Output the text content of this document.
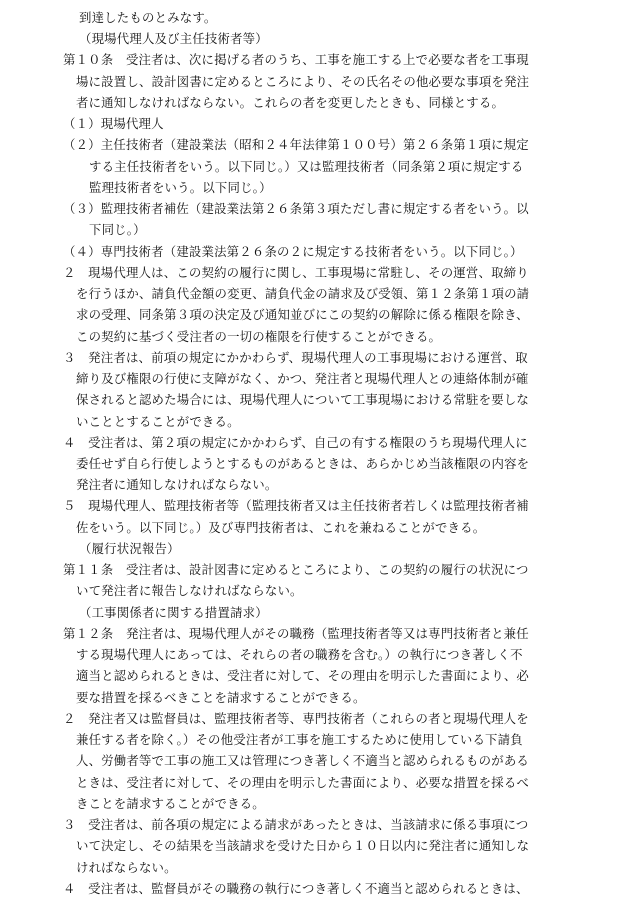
到達したものとみなす。
（現場代理人及び主任技術者等）
第１０条　受注者は、次に掲げる者のうち、工事を施工する上で必要な者を工事現
場に設置し、設計図書に定めるところにより、その氏名その他必要な事項を発注
者に通知しなければならない。これらの者を変更したときも、同様とする。
（１）現場代理人
（２）主任技術者（建設業法（昭和２４年法律第１００号）第２６条第１項に規定
する主任技術者をいう。以下同じ。）又は監理技術者（同条第２項に規定する
監理技術者をいう。以下同じ。）
（３）監理技術者補佐（建設業法第２６条第３項ただし書に規定する者をいう。以
下同じ。）
（４）専門技術者（建設業法第２６条の２に規定する技術者をいう。以下同じ。）
２　現場代理人は、この契約の履行に関し、工事現場に常駐し、その運営、取締り
を行うほか、請負代金額の変更、請負代金の請求及び受領、第１２条第１項の請
求の受理、同条第３項の決定及び通知並びにこの契約の解除に係る権限を除き、
この契約に基づく受注者の一切の権限を行使することができる。
３　発注者は、前項の規定にかかわらず、現場代理人の工事現場における運営、取
締り及び権限の行使に支障がなく、かつ、発注者と現場代理人との連絡体制が確
保されると認めた場合には、現場代理人について工事現場における常駐を要しな
いこととすることができる。
４　受注者は、第２項の規定にかかわらず、自己の有する権限のうち現場代理人に
委任せず自ら行使しようとするものがあるときは、あらかじめ当該権限の内容を
発注者に通知しなければならない。
５　現場代理人、監理技術者等（監理技術者又は主任技術者若しくは監理技術者補
佐をいう。以下同じ。）及び専門技術者は、これを兼ねることができる。
（履行状況報告）
第１１条　受注者は、設計図書に定めるところにより、この契約の履行の状況につ
いて発注者に報告しなければならない。
（工事関係者に関する措置請求）
第１２条　発注者は、現場代理人がその職務（監理技術者等又は専門技術者と兼任
する現場代理人にあっては、それらの者の職務を含む。）の執行につき著しく不
適当と認められるときは、受注者に対して、その理由を明示した書面により、必
要な措置を採るべきことを請求することができる。
２　発注者又は監督員は、監理技術者等、専門技術者（これらの者と現場代理人を
兼任する者を除く。）その他受注者が工事を施工するために使用している下請負
人、労働者等で工事の施工又は管理につき著しく不適当と認められるものがある
ときは、受注者に対して、その理由を明示した書面により、必要な措置を採るべ
きことを請求することができる。
３　受注者は、前各項の規定による請求があったときは、当該請求に係る事項につ
いて決定し、その結果を当該請求を受けた日から１０日以内に発注者に通知しな
ければならない。
４　受注者は、監督員がその職務の執行につき著しく不適当と認められるときは、
